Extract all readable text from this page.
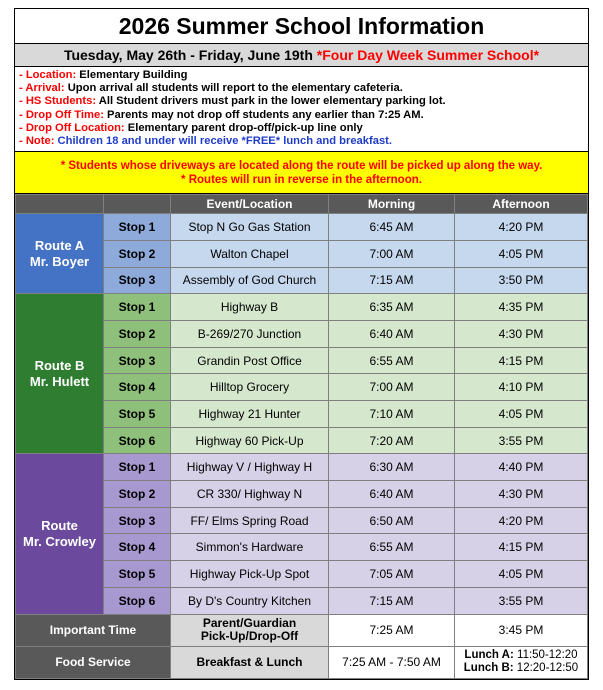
2026 Summer School Information
Tuesday, May 26th - Friday, June 19th *Four Day Week Summer School*
- Location: Elementary Building
- Arrival: Upon arrival all students will report to the elementary cafeteria.
- HS Students: All Student drivers must park in the lower elementary parking lot.
- Drop Off Time: Parents may not drop off students any earlier than 7:25 AM.
- Drop Off Location: Elementary parent drop-off/pick-up line only
- Note: Children 18 and under will receive *FREE* lunch and breakfast.
* Students whose driveways are located along the route will be picked up along the way.
* Routes will run in reverse in the afternoon.
		Event/Location	Morning	Afternoon

Route A
Mr. Boyer	Stop 1	Stop N Go Gas Station	6:45 AM	4:20 PM
	Stop 2	Walton Chapel	7:00 AM	4:05 PM
	Stop 3	Assembly of God Church	7:15 AM	3:50 PM

Route B
Mr. Hulett	Stop 1	Highway B	6:35 AM	4:35 PM
	Stop 2	B-269/270 Junction	6:40 AM	4:30 PM
	Stop 3	Grandin Post Office	6:55 AM	4:15 PM
	Stop 4	Hilltop Grocery	7:00 AM	4:10 PM
	Stop 5	Highway 21 Hunter	7:10 AM	4:05 PM
	Stop 6	Highway 60 Pick-Up	7:20 AM	3:55 PM

Route
Mr. Crowley	Stop 1	Highway V / Highway H	6:30 AM	4:40 PM
	Stop 2	CR 330/ Highway N	6:40 AM	4:30 PM
	Stop 3	FF/ Elms Spring Road	6:50 AM	4:20 PM
	Stop 4	Simmon's Hardware	6:55 AM	4:15 PM
	Stop 5	Highway Pick-Up Spot	7:05 AM	4:05 PM
	Stop 6	By D's Country Kitchen	7:15 AM	3:55 PM
Important Time		Parent/Guardian
Pick-Up/Drop-Off	7:25 AM	3:45 PM
Food Service		Breakfast & Lunch	7:25 AM - 7:50 AM	Lunch A: 11:50-12:20
Lunch B: 12:20-12:50
